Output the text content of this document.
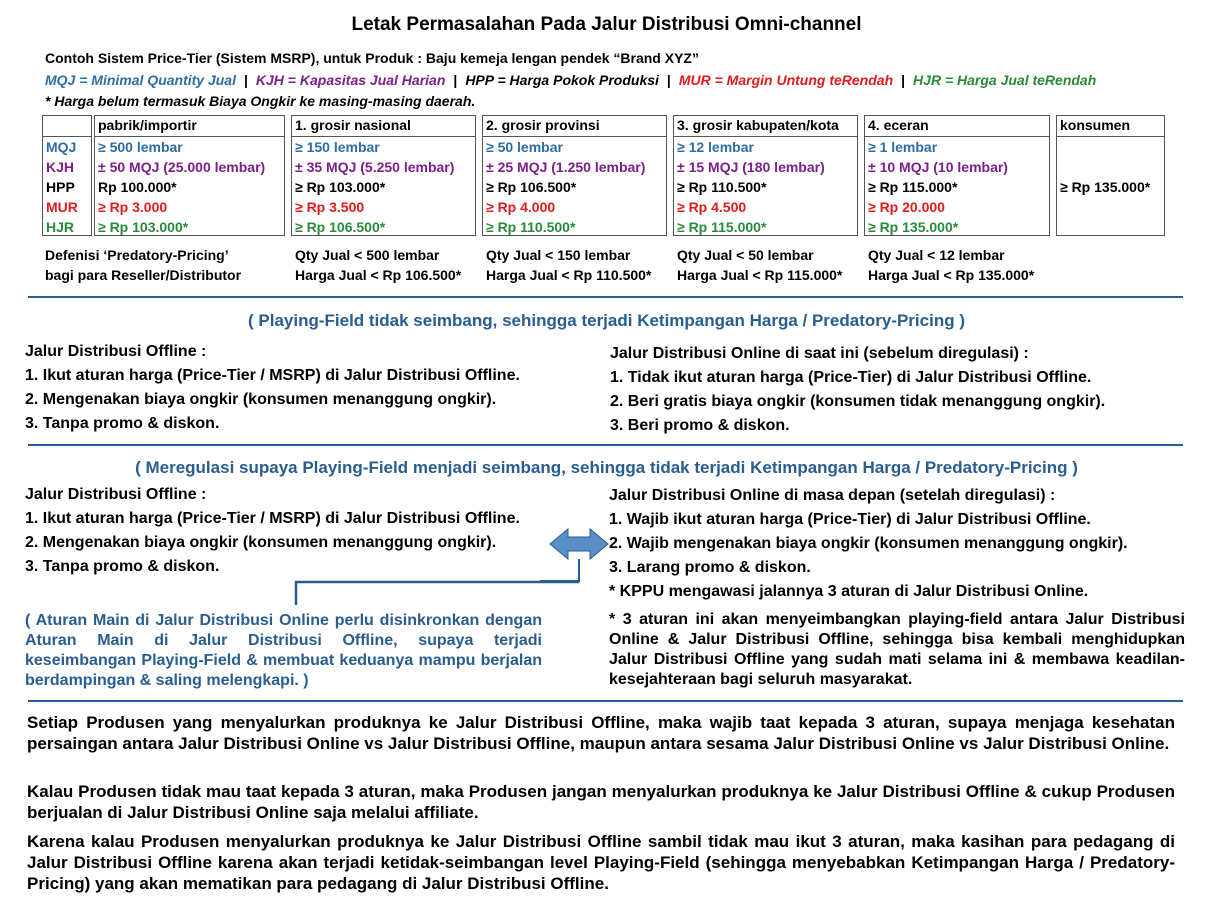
Letak Permasalahan Pada Jalur Distribusi Omni-channel
Contoh Sistem Price-Tier (Sistem MSRP), untuk Produk : Baju kemeja lengan pendek “Brand XYZ”
MQJ = Minimal Quantity Jual | KJH = Kapasitas Jual Harian | HPP = Harga Pokok Produksi | MUR = Margin Untung teRendah | HJR = Harga Jual teRendah
* Harga belum termasuk Biaya Ongkir ke masing-masing daerah.
MQJ
KJH
HPP
MUR
HJR
pabrik/importir
≥ 500 lembar
± 50 MQJ (25.000 lembar)
Rp 100.000*
≥ Rp 3.000
≥ Rp 103.000*
1. grosir nasional
≥ 150 lembar
± 35 MQJ (5.250 lembar)
≥ Rp 103.000*
≥ Rp 3.500
≥ Rp 106.500*
2. grosir provinsi
≥ 50 lembar
± 25 MQJ (1.250 lembar)
≥ Rp 106.500*
≥ Rp 4.000
≥ Rp 110.500*
3. grosir kabupaten/kota
≥ 12 lembar
± 15 MQJ (180 lembar)
≥ Rp 110.500*
≥ Rp 4.500
≥ Rp 115.000*
4. eceran
≥ 1 lembar
± 10 MQJ (10 lembar)
≥ Rp 115.000*
≥ Rp 20.000
≥ Rp 135.000*
konsumen
≥ Rp 135.000*
Defenisi ‘Predatory-Pricing’
bagi para Reseller/Distributor
Qty Jual < 500 lembar
Harga Jual < Rp 106.500*
Qty Jual < 150 lembar
Harga Jual < Rp 110.500*
Qty Jual < 50 lembar
Harga Jual < Rp 115.000*
Qty Jual < 12 lembar
Harga Jual < Rp 135.000*
( Playing-Field tidak seimbang, sehingga terjadi Ketimpangan Harga / Predatory-Pricing )
Jalur Distribusi Offline :
1. Ikut aturan harga (Price-Tier / MSRP) di Jalur Distribusi Offline.
2. Mengenakan biaya ongkir (konsumen menanggung ongkir).
3. Tanpa promo & diskon.
Jalur Distribusi Online di saat ini (sebelum diregulasi) :
1. Tidak ikut aturan harga (Price-Tier) di Jalur Distribusi Offline.
2. Beri gratis biaya ongkir (konsumen tidak menanggung ongkir).
3. Beri promo & diskon.
( Meregulasi supaya Playing-Field menjadi seimbang, sehingga tidak terjadi Ketimpangan Harga / Predatory-Pricing )
Jalur Distribusi Offline :
1. Ikut aturan harga (Price-Tier / MSRP) di Jalur Distribusi Offline.
2. Mengenakan biaya ongkir (konsumen menanggung ongkir).
3. Tanpa promo & diskon.
Jalur Distribusi Online di masa depan (setelah diregulasi) :
1. Wajib ikut aturan harga (Price-Tier) di Jalur Distribusi Offline.
2. Wajib mengenakan biaya ongkir (konsumen menanggung ongkir).
3. Larang promo & diskon.
* KPPU mengawasi jalannya 3 aturan di Jalur Distribusi Online.
( Aturan Main di Jalur Distribusi Online perlu disinkronkan dengan Aturan Main di Jalur Distribusi Offline, supaya terjadi keseimbangan Playing-Field & membuat keduanya mampu berjalan berdampingan & saling melengkapi. )
* 3 aturan ini akan menyeimbangkan playing-field antara Jalur Distribusi Online & Jalur Distribusi Offline, sehingga bisa kembali menghidupkan Jalur Distribusi Offline yang sudah mati selama ini & membawa keadilan-kesejahteraan bagi seluruh masyarakat.
Setiap Produsen yang menyalurkan produknya ke Jalur Distribusi Offline, maka wajib taat kepada 3 aturan, supaya menjaga kesehatan persaingan antara Jalur Distribusi Online vs Jalur Distribusi Offline, maupun antara sesama Jalur Distribusi Online vs Jalur Distribusi Online.
Kalau Produsen tidak mau taat kepada 3 aturan, maka Produsen jangan menyalurkan produknya ke Jalur Distribusi Offline & cukup Produsen berjualan di Jalur Distribusi Online saja melalui affiliate.
Karena kalau Produsen menyalurkan produknya ke Jalur Distribusi Offline sambil tidak mau ikut 3 aturan, maka kasihan para pedagang di Jalur Distribusi Offline karena akan terjadi ketidak-seimbangan level Playing-Field (sehingga menyebabkan Ketimpangan Harga / Predatory-Pricing) yang akan mematikan para pedagang di Jalur Distribusi Offline.
